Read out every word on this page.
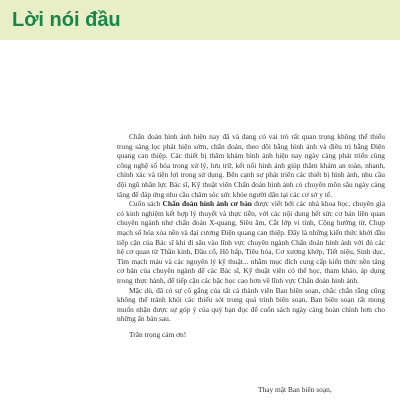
Lời nói đầu

Chẩn đoán hình ảnh hiện nay đã và đang có vai trò rất quan trọng không thể thiếu trong sàng lọc phát hiện sớm, chẩn đoán, theo dõi bằng hình ảnh và điều trị bằng Điện quang can thiệp. Các thiết bị thăm khám hình ảnh hiện nay ngày càng phát triển cùng công nghệ số hóa trong xử lý, lưu trữ, kết nối hình ảnh giúp thăm khám an toàn, nhanh, chính xác và tiện lợi trong sử dụng. Bên cạnh sự phát triển các thiết bị hình ảnh, nhu cầu đội ngũ nhân lực Bác sĩ, Kỹ thuật viên Chẩn đoán hình ảnh có chuyên môn sâu ngày càng tăng để đáp ứng nhu cầu chăm sóc sức khỏe người dân tại các cơ sở y tế.

Cuốn sách Chẩn đoán hình ảnh cơ bản được viết bởi các nhà khoa học, chuyên gia có kinh nghiệm kết hợp lý thuyết và thực tiễn, với các nội dung hết sức cơ bản liên quan chuyên ngành như chẩn đoán X-quang, Siêu âm, Cắt lớp vi tính, Cộng hưởng từ, Chụp mạch số hóa xóa nền và đại cương Điện quang can thiệp. Đây là những kiến thức khởi đầu tiếp cận của Bác sĩ khi đi sâu vào lĩnh vực chuyên ngành Chẩn đoán hình ảnh với đủ các hệ cơ quan từ Thần kinh, Đầu cổ, Hô hấp, Tiêu hóa, Cơ xương khớp, Tiết niệu, Sinh dục, Tim mạch máu và các nguyên lý kỹ thuật... nhằm mục đích cung cấp kiến thức nền tảng cơ bản của chuyên ngành để các Bác sĩ, Kỹ thuật viên có thể học, tham khảo, áp dụng trong thực hành, để tiếp cận các bậc học cao hơn về lĩnh vực Chẩn đoán hình ảnh.

Mặc dù, đã có sự cố gắng của tất cả thành viên Ban biên soạn, chắc chắn rằng cũng không thể tránh khỏi các thiếu sót trong quá trình biên soạn, Ban biên soạn rất mong muốn nhận được sự góp ý của quý bạn đọc để cuốn sách ngày càng hoàn chỉnh hơn cho những ấn bản sau.

Trân trọng cảm ơn!

Thay mặt Ban biên soạn,
